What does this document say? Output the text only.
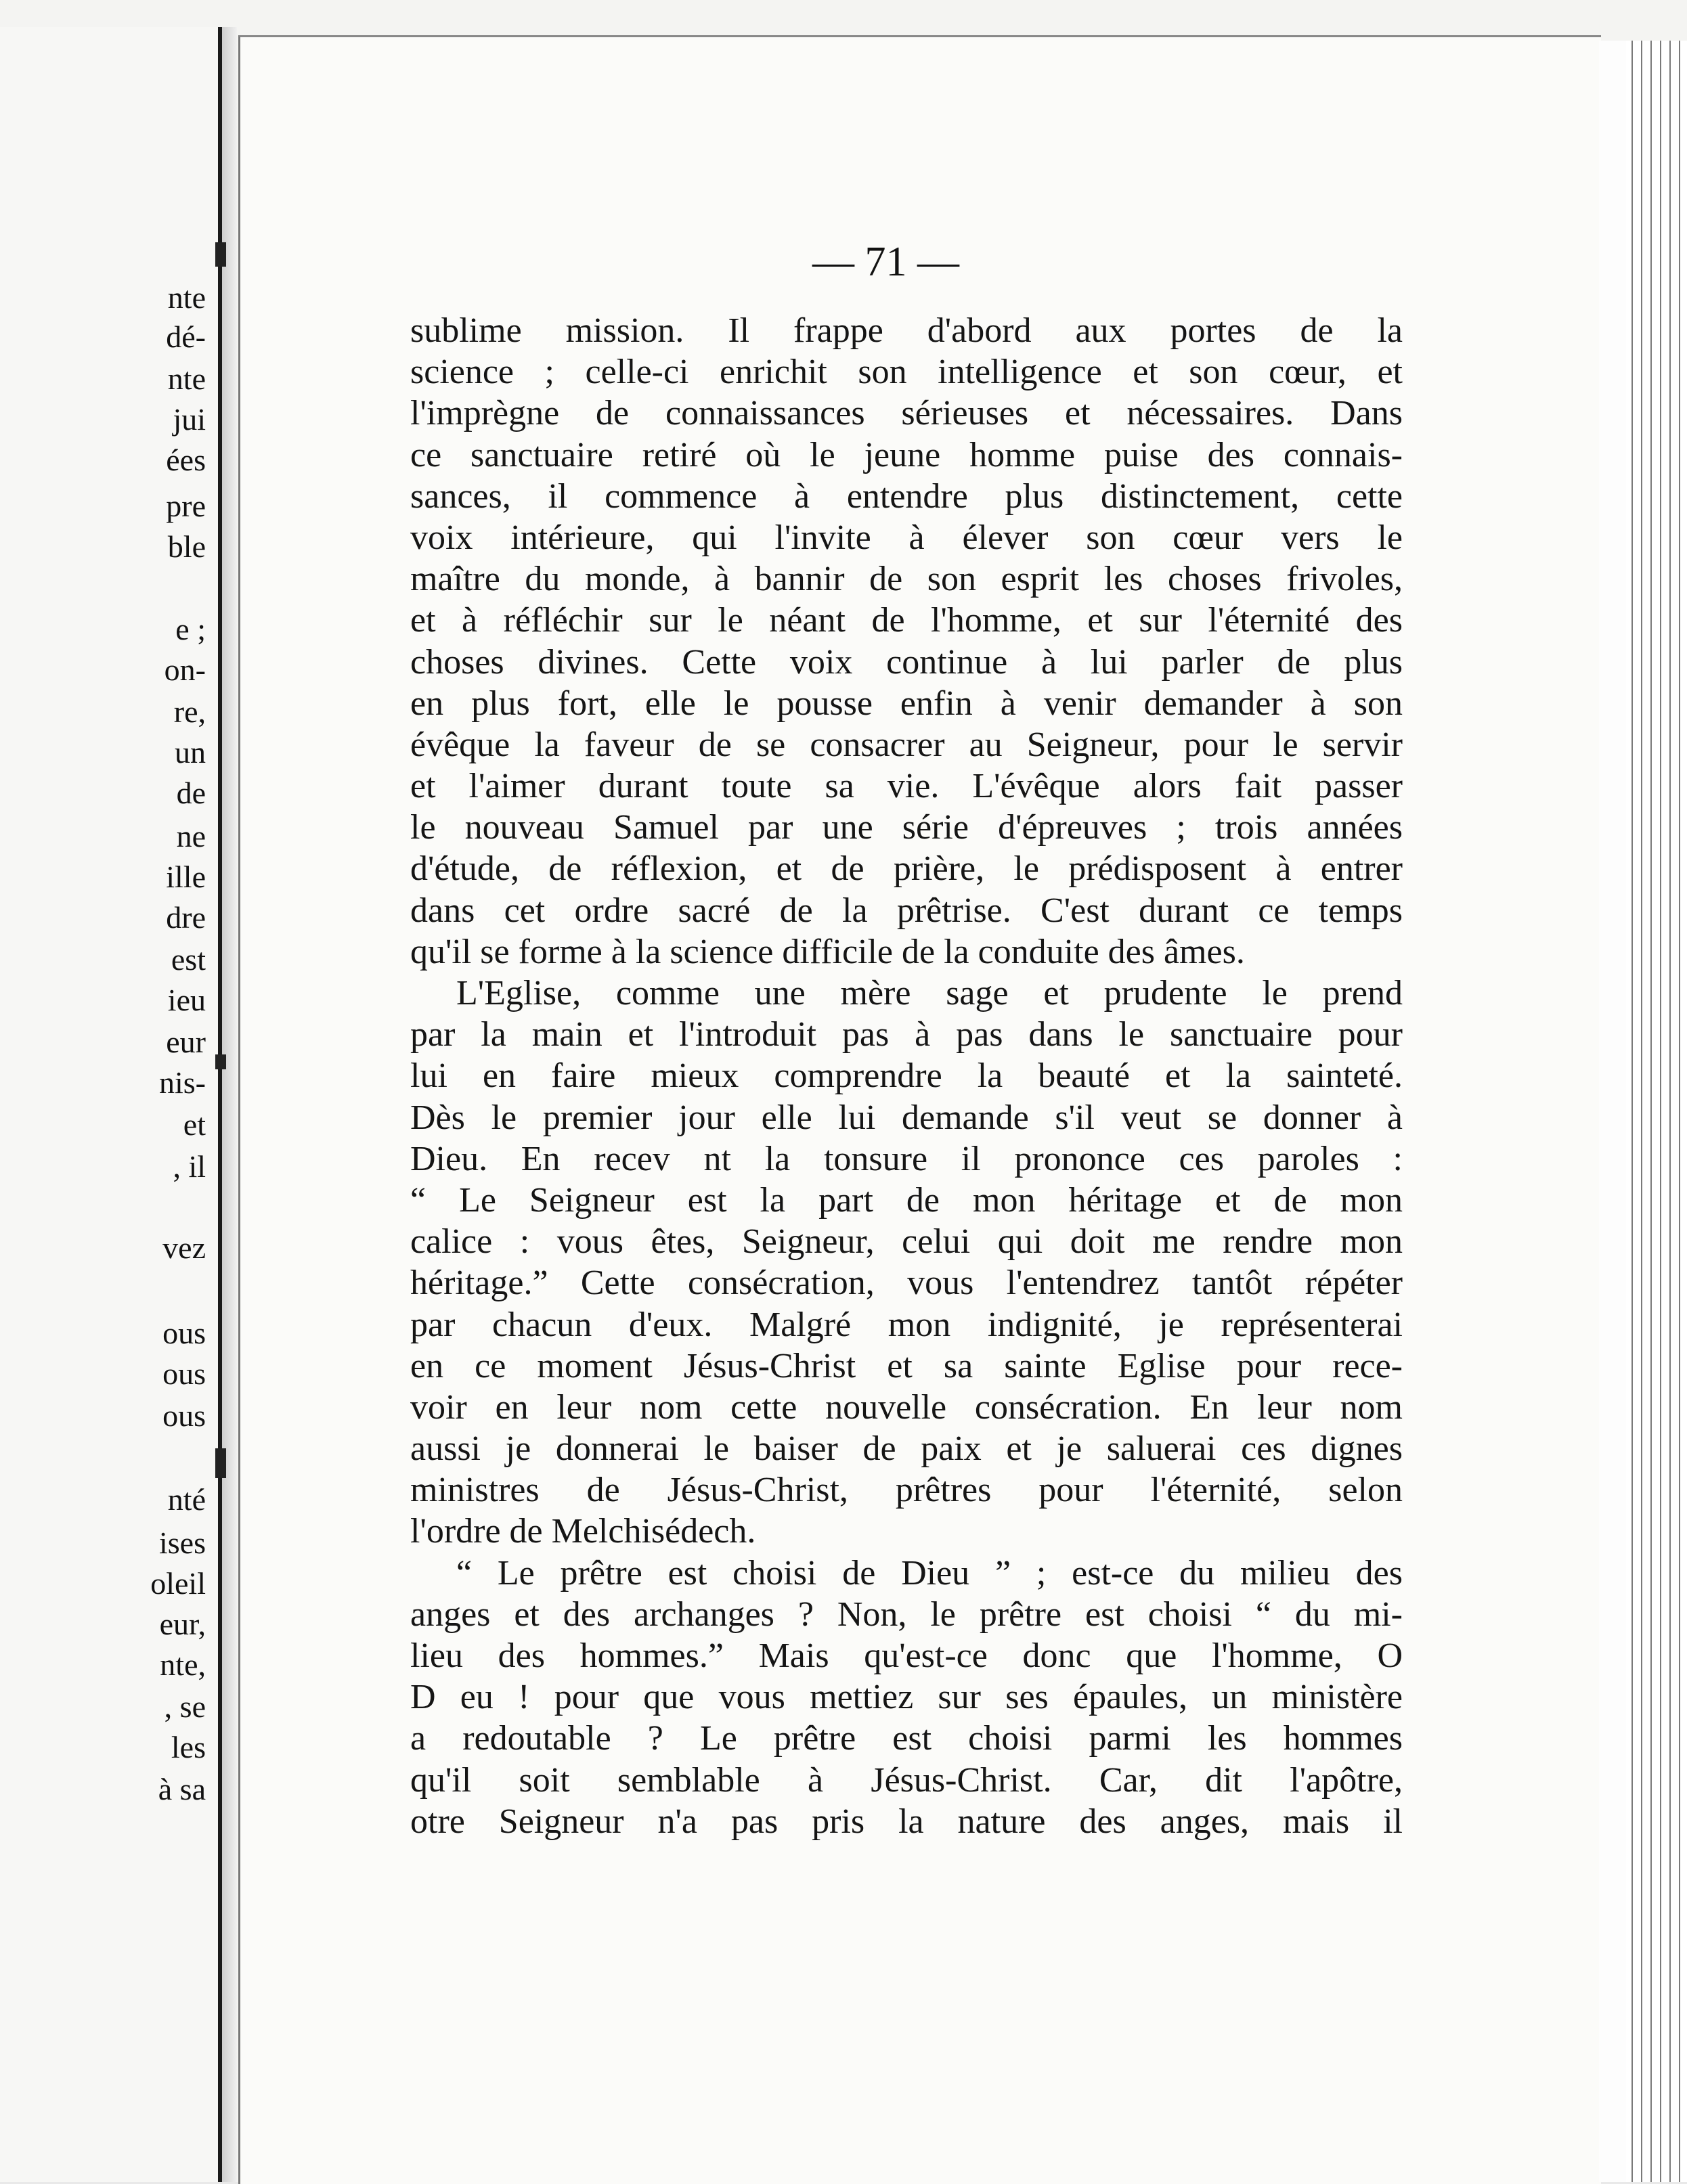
nte
dé-
nte
jui
ées
pre
ble
e ;
on-
re,
un
de
ne
ille
dre
est
ieu
eur
nis-
et
, il
vez
ous
ous
ous
nté
ises
oleil
eur,
nte,
, se
les
à sa
— 71 —
sublime mission. Il frappe d'abord aux portes de la
science ; celle-ci enrichit son intelligence et son cœur, et
l'imprègne de connaissances sérieuses et nécessaires. Dans
ce sanctuaire retiré où le jeune homme puise des connais-
sances, il commence à entendre plus distinctement, cette
voix intérieure, qui l'invite à élever son cœur vers le
maître du monde, à bannir de son esprit les choses frivoles,
et à réfléchir sur le néant de l'homme, et sur l'éternité des
choses divines. Cette voix continue à lui parler de plus
en plus fort, elle le pousse enfin à venir demander à son
évêque la faveur de se consacrer au Seigneur, pour le servir
et l'aimer durant toute sa vie. L'évêque alors fait passer
le nouveau Samuel par une série d'épreuves ; trois années
d'étude, de réflexion, et de prière, le prédisposent à entrer
dans cet ordre sacré de la prêtrise. C'est durant ce temps
qu'il se forme à la science difficile de la conduite des âmes.
L'Eglise, comme une mère sage et prudente le prend
par la main et l'introduit pas à pas dans le sanctuaire pour
lui en faire mieux comprendre la beauté et la sainteté.
Dès le premier jour elle lui demande s'il veut se donner à
Dieu. En recev nt la tonsure il prononce ces paroles :
“ Le Seigneur est la part de mon héritage et de mon
calice : vous êtes, Seigneur, celui qui doit me rendre mon
héritage.” Cette consécration, vous l'entendrez tantôt répéter
par chacun d'eux. Malgré mon indignité, je représenterai
en ce moment Jésus-Christ et sa sainte Eglise pour rece-
voir en leur nom cette nouvelle consécration. En leur nom
aussi je donnerai le baiser de paix et je saluerai ces dignes
ministres de Jésus-Christ, prêtres pour l'éternité, selon
l'ordre de Melchisédech.
“ Le prêtre est choisi de Dieu ” ; est-ce du milieu des
anges et des archanges ? Non, le prêtre est choisi “ du mi-
lieu des hommes.” Mais qu'est-ce donc que l'homme, O
D eu ! pour que vous mettiez sur ses épaules, un ministère
a redoutable ? Le prêtre est choisi parmi les hommes
qu'il soit semblable à Jésus-Christ. Car, dit l'apôtre,
otre Seigneur n'a pas pris la nature des anges, mais il
